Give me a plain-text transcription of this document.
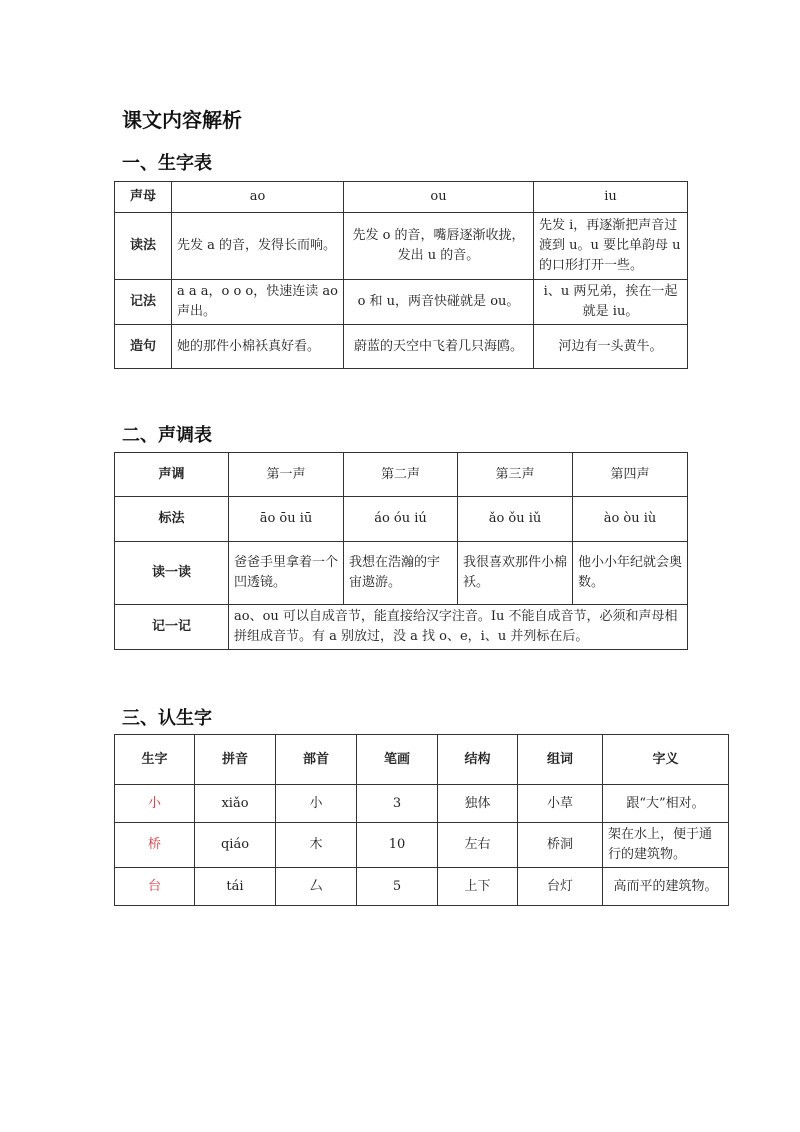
课文内容解析
一、生字表
声母	ao	ou	iu
读法	先发 a 的音，发得长而响。	先发 o 的音，嘴唇逐渐收拢，发出 u 的音。	先发 i，再逐渐把声音过渡到 u。u 要比单韵母 u 的口形打开一些。
记法	a a a，o o o，快速连读 ao 声出。	o 和 u，两音快碰就是 ou。	i、u 两兄弟，挨在一起就是 iu。
造句	她的那件小棉袄真好看。	蔚蓝的天空中飞着几只海鸥。	河边有一头黄牛。
二、声调表
声调	第一声	第二声	第三声	第四声
标法	āo ōu iū	áo óu iú	ǎo ǒu iǔ	ào òu iù
读一读	爸爸手里拿着一个凹透镜。	我想在浩瀚的宇宙遨游。	我很喜欢那件小棉袄。	他小小年纪就会奥数。
记一记	ao、ou 可以自成音节，能直接给汉字注音。Iu 不能自成音节，必须和声母相拼组成音节。有 a 别放过，没 a 找 o、e，i、u 并列标在后。			
三、认生字
生字	拼音	部首	笔画	结构	组词	字义
小	xiǎo	小	3	独体	小草	跟“大”相对。
桥	qiáo	木	10	左右	桥洞	架在水上，便于通行的建筑物。
台	tái	厶	5	上下	台灯	高而平的建筑物。
